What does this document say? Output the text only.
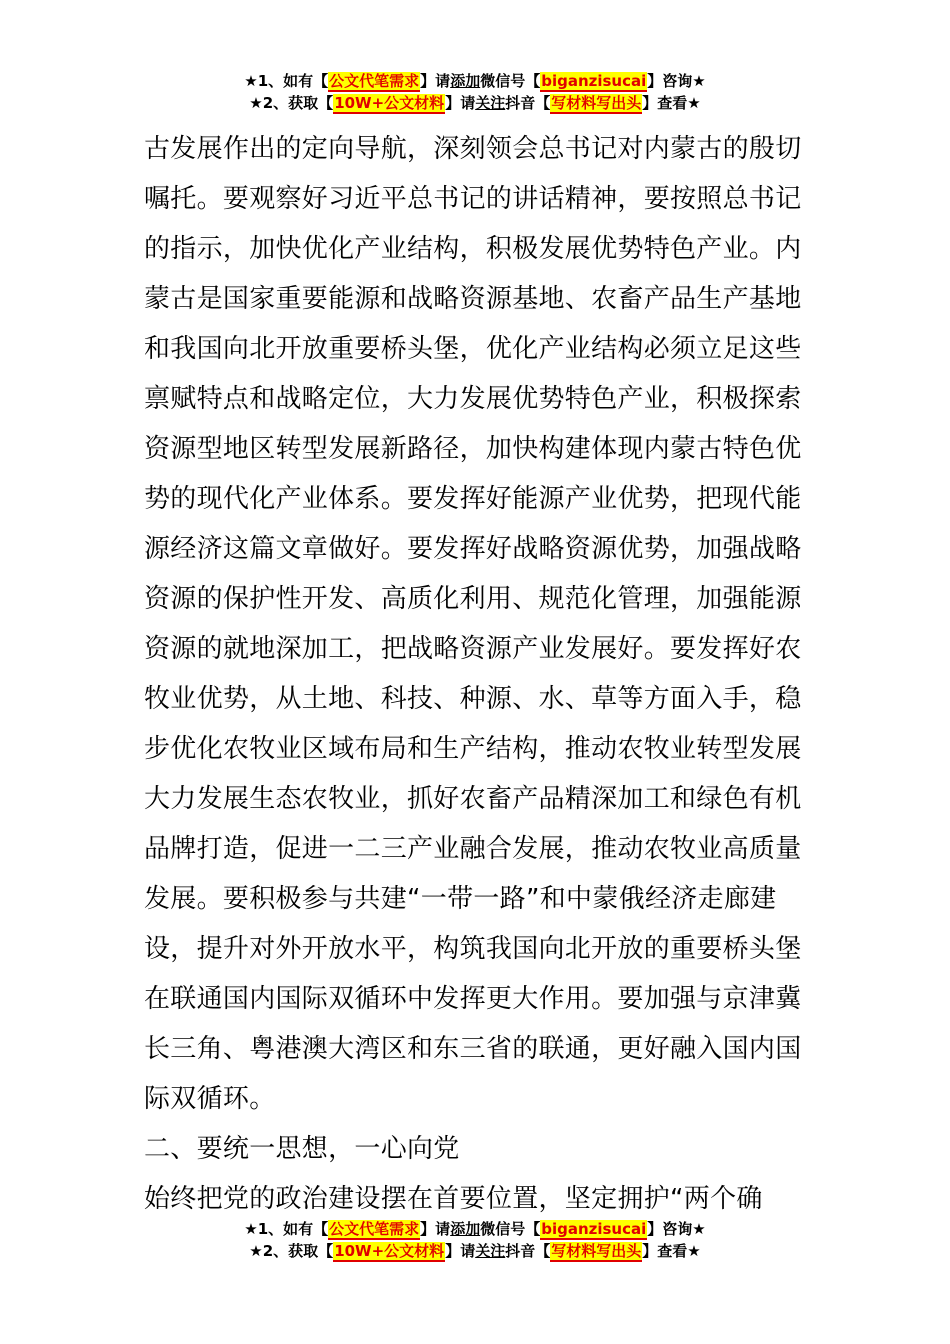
★1、如有【公文代笔需求】请添加微信号【biganzisucai】咨询★
★2、获取【10W+公文材料】请关注抖音【写材料写出头】查看★
古发展作出的定向导航，深刻领会总书记对内蒙古的殷切
嘱托。要观察好习近平总书记的讲话精神，要按照总书记
的指示，加快优化产业结构，积极发展优势特色产业。内
蒙古是国家重要能源和战略资源基地、农畜产品生产基地
和我国向北开放重要桥头堡，优化产业结构必须立足这些
禀赋特点和战略定位，大力发展优势特色产业，积极探索
资源型地区转型发展新路径，加快构建体现内蒙古特色优
势的现代化产业体系。要发挥好能源产业优势，把现代能
源经济这篇文章做好。要发挥好战略资源优势，加强战略
资源的保护性开发、高质化利用、规范化管理，加强能源
资源的就地深加工，把战略资源产业发展好。要发挥好农
牧业优势，从土地、科技、种源、水、草等方面入手，稳
步优化农牧业区域布局和生产结构，推动农牧业转型发展
大力发展生态农牧业，抓好农畜产品精深加工和绿色有机
品牌打造，促进一二三产业融合发展，推动农牧业高质量
发展。要积极参与共建“一带一路”和中蒙俄经济走廊建
设，提升对外开放水平，构筑我国向北开放的重要桥头堡
在联通国内国际双循环中发挥更大作用。要加强与京津冀
长三角、粤港澳大湾区和东三省的联通，更好融入国内国
际双循环。
二、要统一思想，一心向党
始终把党的政治建设摆在首要位置，坚定拥护“两个确
★1、如有【公文代笔需求】请添加微信号【biganzisucai】咨询★
★2、获取【10W+公文材料】请关注抖音【写材料写出头】查看★
